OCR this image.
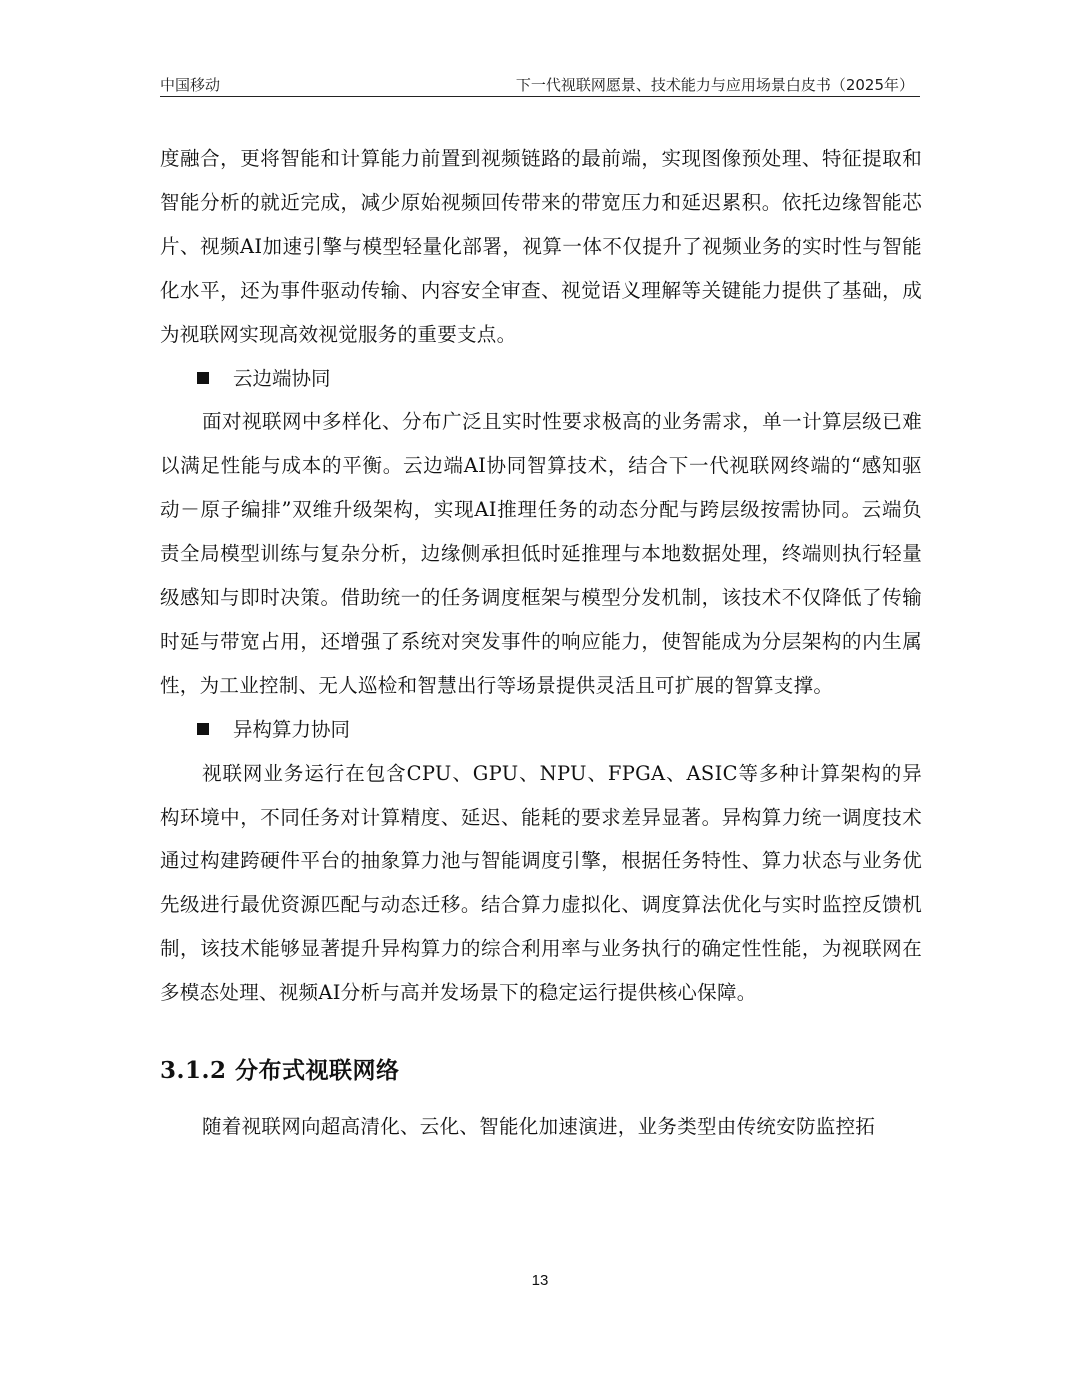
中国移动	下一代视联网愿景、技术能力与应用场景白皮书（2025年）

度融合，更将智能和计算能力前置到视频链路的最前端，实现图像预处理、特征提取和智能分析的就近完成，减少原始视频回传带来的带宽压力和延迟累积。依托边缘智能芯片、视频AI加速引擎与模型轻量化部署，视算一体不仅提升了视频业务的实时性与智能化水平，还为事件驱动传输、内容安全审查、视觉语义理解等关键能力提供了基础，成为视联网实现高效视觉服务的重要支点。

云边端协同

面对视联网中多样化、分布广泛且实时性要求极高的业务需求，单一计算层级已难以满足性能与成本的平衡。云边端AI协同智算技术，结合下一代视联网终端的“感知驱动－原子编排”双维升级架构，实现AI推理任务的动态分配与跨层级按需协同。云端负责全局模型训练与复杂分析，边缘侧承担低时延推理与本地数据处理，终端则执行轻量级感知与即时决策。借助统一的任务调度框架与模型分发机制，该技术不仅降低了传输时延与带宽占用，还增强了系统对突发事件的响应能力，使智能成为分层架构的内生属性，为工业控制、无人巡检和智慧出行等场景提供灵活且可扩展的智算支撑。

异构算力协同

视联网业务运行在包含CPU、GPU、NPU、FPGA、ASIC等多种计算架构的异构环境中，不同任务对计算精度、延迟、能耗的要求差异显著。异构算力统一调度技术通过构建跨硬件平台的抽象算力池与智能调度引擎，根据任务特性、算力状态与业务优先级进行最优资源匹配与动态迁移。结合算力虚拟化、调度算法优化与实时监控反馈机制，该技术能够显著提升异构算力的综合利用率与业务执行的确定性性能，为视联网在多模态处理、视频AI分析与高并发场景下的稳定运行提供核心保障。

3.1.2 分布式视联网络

随着视联网向超高清化、云化、智能化加速演进，业务类型由传统安防监控拓

13
